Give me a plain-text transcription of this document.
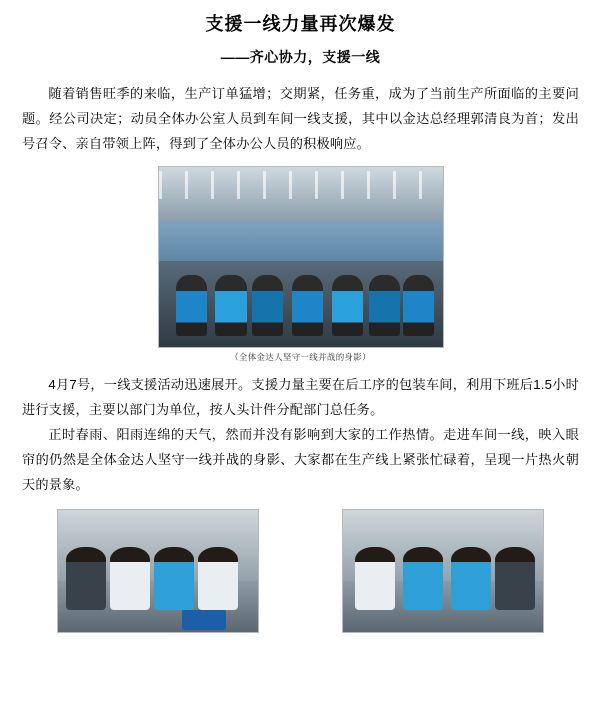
支援一线力量再次爆发
——齐心协力，支援一线

随着销售旺季的来临，生产订单猛增；交期紧，任务重，成为了当前生产所面临的主要问题。经公司决定；动员全体办公室人员到车间一线支援，其中以金达总经理郭清良为首；发出号召令、亲自带领上阵，得到了全体办公人员的积极响应。

（全体金达人坚守一线并战的身影）

4月7号，一线支援活动迅速展开。支援力量主要在后工序的包装车间，利用下班后1.5小时进行支援，主要以部门为单位，按人头计件分配部门总任务。

正时春雨、阳雨连绵的天气，然而并没有影响到大家的工作热情。走进车间一线，映入眼帘的仍然是全体金达人坚守一线并战的身影、大家都在生产线上紧张忙碌着，呈现一片热火朝天的景象。
